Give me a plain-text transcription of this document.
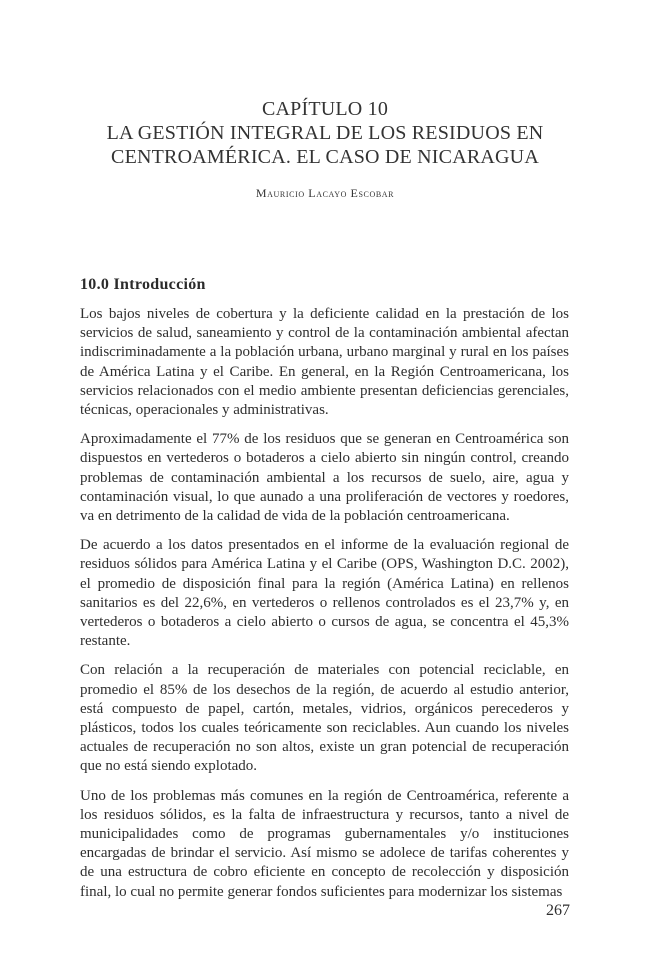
CAPÍTULO 10
LA GESTIÓN INTEGRAL DE LOS RESIDUOS EN
CENTROAMÉRICA. EL CASO DE NICARAGUA
Mauricio Lacayo Escobar
10.0 Introducción

Los bajos niveles de cobertura y la deficiente calidad en la prestación de los servicios de salud, saneamiento y control de la contaminación ambiental afectan indiscriminadamente a la población urbana, urbano marginal y rural en los países de América Latina y el Caribe. En general, en la Región Centroamericana, los servicios relacionados con el medio ambiente presentan deficiencias gerenciales, técnicas, operacionales y administrativas.

Aproximadamente el 77% de los residuos que se generan en Centroamérica son dispuestos en vertederos o botaderos a cielo abierto sin ningún control, creando problemas de contaminación ambiental a los recursos de suelo, aire, agua y contaminación visual, lo que aunado a una proliferación de vectores y roedores, va en detrimento de la calidad de vida de la población centroamericana.

De acuerdo a los datos presentados en el informe de la evaluación regional de residuos sólidos para América Latina y el Caribe (OPS, Washington D.C. 2002), el promedio de disposición final para la región (América Latina) en rellenos sanitarios es del 22,6%, en vertederos o rellenos controlados es el 23,7% y, en vertederos o botaderos a cielo abierto o cursos de agua, se concentra el 45,3% restante.

Con relación a la recuperación de materiales con potencial reciclable, en promedio el 85% de los desechos de la región, de acuerdo al estudio anterior, está compuesto de papel, cartón, metales, vidrios, orgánicos perecederos y plásticos, todos los cuales teóricamente son reciclables. Aun cuando los niveles actuales de recuperación no son altos, existe un gran potencial de recuperación que no está siendo explotado.

Uno de los problemas más comunes en la región de Centroamérica, referente a los residuos sólidos, es la falta de infraestructura y recursos, tanto a nivel de municipalidades como de programas gubernamentales y/o instituciones encargadas de brindar el servicio. Así mismo se adolece de tarifas coherentes y de una estructura de cobro eficiente en concepto de recolección y disposición final, lo cual no permite generar fondos suficientes para modernizar los sistemas

267
